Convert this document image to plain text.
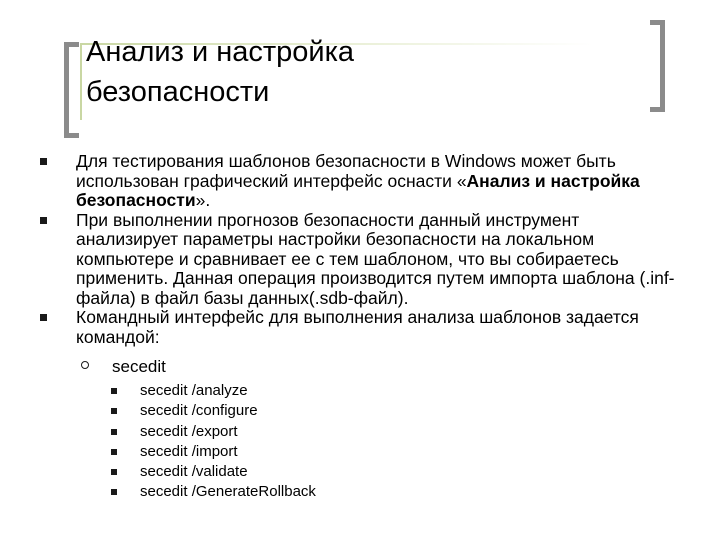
Анализ и настройка
безопасности
Для тестирования шаблонов безопасности в Windows может быть использован графический интерфейс оснасти «Анализ и настройка безопасности».
При выполнении прогнозов безопасности данный инструмент анализирует параметры настройки безопасности на локальном компьютере и сравнивает ее с тем шаблоном, что вы собираетесь применить. Данная операция производится путем импорта шаблона (.inf-файла) в файл базы данных(.sdb-файл).
Командный интерфейс для выполнения анализа шаблонов задается командой:
secedit
secedit /analyze
secedit /configure
secedit /export
secedit /import
secedit /validate
secedit /GenerateRollback
